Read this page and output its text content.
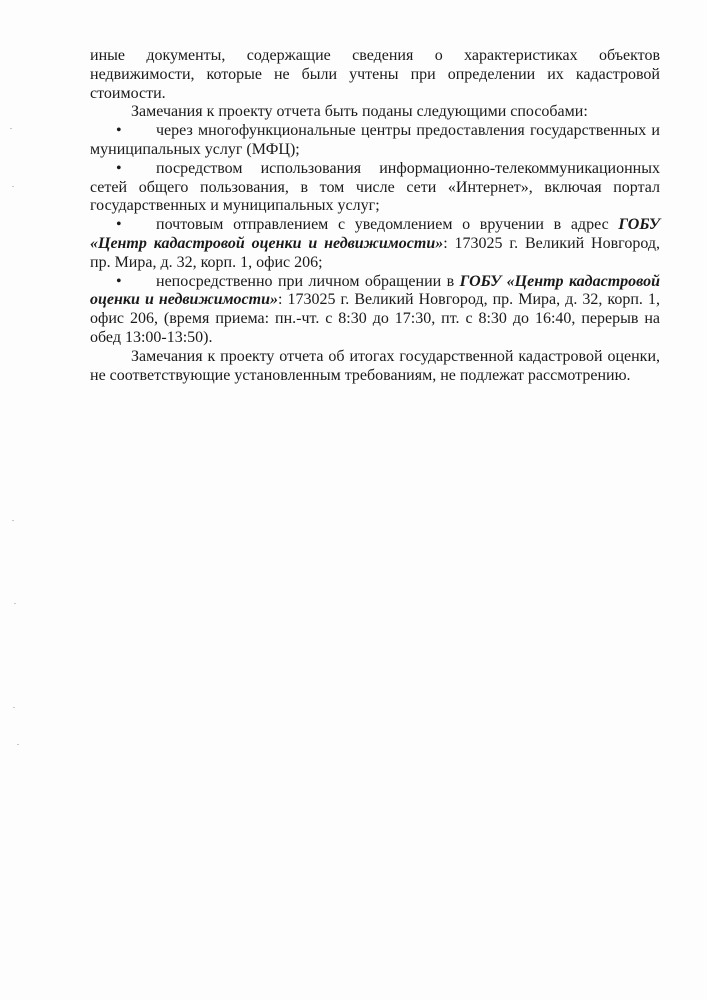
иные документы, содержащие сведения о характеристиках объектов недвижимости, которые не были учтены при определении их кадастровой стоимости.

Замечания к проекту отчета быть поданы следующими способами:

• через многофункциональные центры предоставления государственных и муниципальных услуг (МФЦ);

• посредством использования информационно-телекоммуникационных сетей общего пользования, в том числе сети «Интернет», включая портал государственных и муниципальных услуг;

• почтовым отправлением с уведомлением о вручении в адрес ГОБУ «Центр кадастровой оценки и недвижимости»: 173025 г. Великий Новгород, пр. Мира, д. 32, корп. 1, офис 206;

• непосредственно при личном обращении в ГОБУ «Центр кадастровой оценки и недвижимости»: 173025 г. Великий Новгород, пр. Мира, д. 32, корп. 1, офис 206, (время приема: пн.-чт. с 8:30 до 17:30, пт. с 8:30 до 16:40, перерыв на обед 13:00-13:50).

Замечания к проекту отчета об итогах государственной кадастровой оценки, не соответствующие установленным требованиям, не подлежат рассмотрению.
